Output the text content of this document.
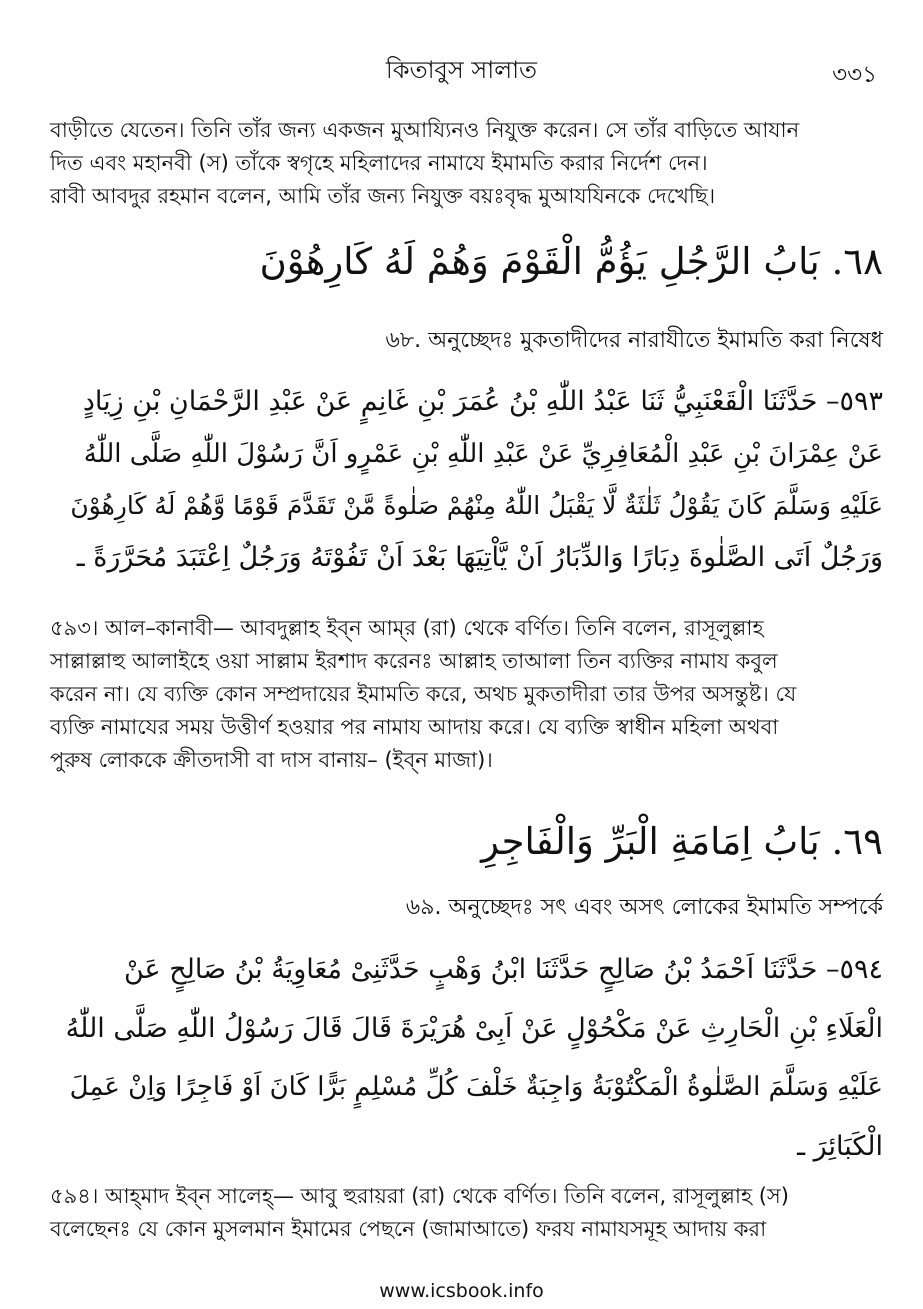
কিতাবুস সালাত	৩৩১

বাড়ীতে যেতেন। তিনি তাঁর জন্য একজন মুআয্যিনও নিযুক্ত করেন। সে তাঁর বাড়িতে আযান

দিত এবং মহানবী (স) তাঁকে স্বগৃহে মহিলাদের নামাযে ইমামতি করার নির্দেশ দেন।

রাবী আবদুর রহমান বলেন, আমি তাঁর জন্য নিযুক্ত বয়ঃবৃদ্ধ মুআযযিনকে দেখেছি।

٦٨. بَابُ الرَّجُلِ يَؤُمُّ الْقَوْمَ وَهُمْ لَهُ كَارِهُوْنَ
৬৮. অনুচ্ছেদঃ মুকতাদীদের নারাযীতে ইমামতি করা নিষেধ

٥٩٣– حَدَّثَنَا الْقَعْنَبِيُّ ثَنَا عَبْدُ اللّٰهِ بْنُ عُمَرَ بْنِ غَانِمٍ عَنْ عَبْدِ الرَّحْمَانِ بْنِ زِيَادٍ

عَنْ عِمْرَانَ بْنِ عَبْدِ الْمُعَافِرِيِّ عَنْ عَبْدِ اللّٰهِ بْنِ عَمْرٍو اَنَّ رَسُوْلَ اللّٰهِ صَلَّى اللّٰهُ

عَلَيْهِ وَسَلَّمَ كَانَ يَقُوْلُ ثَلٰثَةٌ لَّا يَقْبَلُ اللّٰهُ مِنْهُمْ صَلٰوةً مَّنْ تَقَدَّمَ قَوْمًا وَّهُمْ لَهُ كَارِهُوْنَ

وَرَجُلٌ اَتَى الصَّلٰوةَ دِبَارًا وَالدِّبَارُ اَنْ يَّاْتِيَهَا بَعْدَ اَنْ تَفُوْتَهُ وَرَجُلٌ اِعْتَبَدَ مُحَرَّرَةً ـ

৫৯৩। আল–কানাবী— আবদুল্লাহ ইব্‌ন আম্‌র (রা) থেকে বর্ণিত। তিনি বলেন, রাসূলুল্লাহ

সাল্লাল্লাহু আলাইহে ওয়া সাল্লাম ইরশাদ করেনঃ আল্লাহ তাআলা তিন ব্যক্তির নামায কবুল

করেন না। যে ব্যক্তি কোন সম্প্রদায়ের ইমামতি করে, অথচ মুকতাদীরা তার উপর অসন্তুষ্ট। যে

ব্যক্তি নামাযের সময় উত্তীর্ণ হওয়ার পর নামায আদায় করে। যে ব্যক্তি স্বাধীন মহিলা অথবা

পুরুষ লোককে ক্রীতদাসী বা দাস বানায়– (ইব্‌ন মাজা)।

٦٩. بَابُ اِمَامَةِ الْبَرِّ وَالْفَاجِرِ
৬৯. অনুচ্ছেদঃ সৎ এবং অসৎ লোকের ইমামতি সম্পর্কে

٥٩٤– حَدَّثَنَا اَحْمَدُ بْنُ صَالِحٍ حَدَّثَنَا ابْنُ وَهْبٍ حَدَّثَنِىْ مُعَاوِيَةُ بْنُ صَالِحٍ عَنْ

الْعَلَاءِ بْنِ الْحَارِثِ عَنْ مَكْحُوْلٍ عَنْ اَبِىْ هُرَيْرَةَ قَالَ قَالَ رَسُوْلُ اللّٰهِ صَلَّى اللّٰهُ

عَلَيْهِ وَسَلَّمَ الصَّلٰوةُ الْمَكْتُوْبَةُ وَاجِبَةٌ خَلْفَ كُلِّ مُسْلِمٍ بَرًّا كَانَ اَوْ فَاجِرًا وَاِنْ عَمِلَ

الْكَبَائِرَ ـ

৫৯৪। আহ্‌মাদ ইব্‌ন সালেহ্‌— আবু হুরায়রা (রা) থেকে বর্ণিত। তিনি বলেন, রাসূলুল্লাহ (স)

বলেছেনঃ যে কোন মুসলমান ইমামের পেছনে (জামাআতে) ফরয নামাযসমূহ আদায় করা

www.icsbook.info
